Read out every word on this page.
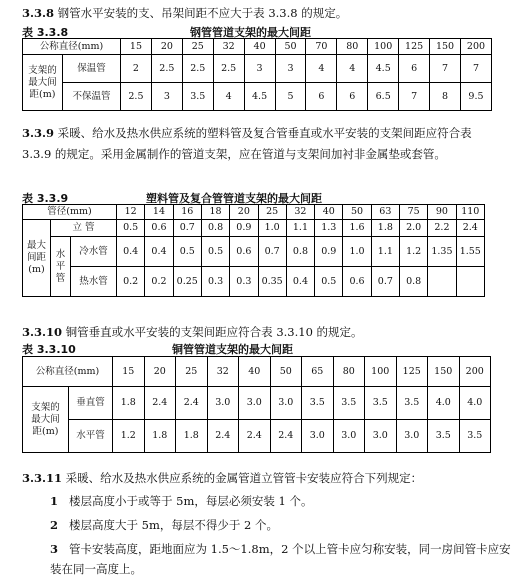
3.3.8 钢管水平安装的支、吊架间距不应大于表 3.3.8 的规定。
表 3.3.8	钢管管道支架的最大间距
公称直径(mm)		15	20	25	32	40	50	70	80	100	125	150	200
支架的
最大间
距(m)	保温管	2	2.5	2.5	2.5	3	3	4	4	4.5	6	7	7
	不保温管	2.5	3	3.5	4	4.5	5	6	6	6.5	7	8	9.5
3.3.9 采暖、给水及热水供应系统的塑料管及复合管垂直或水平安装的支架间距应符合表 3.3.9 的规定。采用金属制作的管道支架，应在管道与支架间加衬非金属垫或套管。
表 3.3.9	塑料管及复合管管道支架的最大间距
管径(mm)			12	14	16	18	20	25	32	40	50	63	75	90	110
最大
间距
(m)	立 管		0.5	0.6	0.7	0.8	0.9	1.0	1.1	1.3	1.6	1.8	2.0	2.2	2.4
	水
平
管	冷水管	0.4	0.4	0.5	0.5	0.6	0.7	0.8	0.9	1.0	1.1	1.2	1.35	1.55
		热水管	0.2	0.2	0.25	0.3	0.3	0.35	0.4	0.5	0.6	0.7	0.8		
3.3.10 铜管垂直或水平安装的支架间距应符合表 3.3.10 的规定。
表 3.3.10	铜管管道支架的最大间距
公称直径(mm)		15	20	25	32	40	50	65	80	100	125	150	200
支架的
最大间
距(m)	垂直管	1.8	2.4	2.4	3.0	3.0	3.0	3.5	3.5	3.5	3.5	4.0	4.0
	水平管	1.2	1.8	1.8	2.4	2.4	2.4	3.0	3.0	3.0	3.0	3.5	3.5
3.3.11 采暖、给水及热水供应系统的金属管道立管管卡安装应符合下列规定：
1 楼层高度小于或等于 5m，每层必须安装 1 个。
2 楼层高度大于 5m，每层不得少于 2 个。
3 管卡安装高度，距地面应为 1.5～1.8m，2 个以上管卡应匀称安装，同一房间管卡应安装在同一高度上。
